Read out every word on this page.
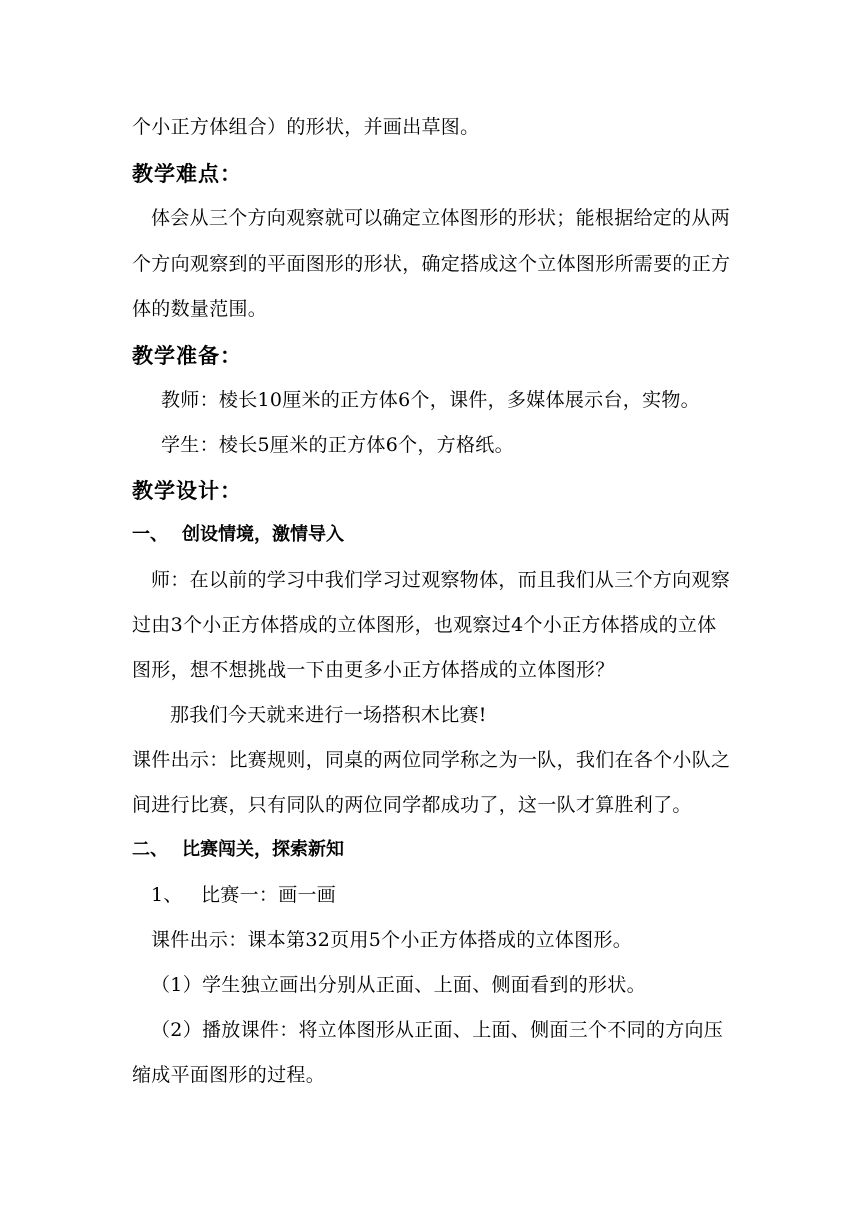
个小正方体组合）的形状，并画出草图。
教学难点：
体会从三个方向观察就可以确定立体图形的形状；能根据给定的从两
个方向观察到的平面图形的形状，确定搭成这个立体图形所需要的正方
体的数量范围。
教学准备：
教师：棱长10厘米的正方体6个，课件，多媒体展示台，实物。
学生：棱长5厘米的正方体6个，方格纸。
教学设计：
一、 创设情境，激情导入
师：在以前的学习中我们学习过观察物体，而且我们从三个方向观察
过由3个小正方体搭成的立体图形，也观察过4个小正方体搭成的立体
图形，想不想挑战一下由更多小正方体搭成的立体图形？
那我们今天就来进行一场搭积木比赛!
课件出示：比赛规则，同桌的两位同学称之为一队，我们在各个小队之
间进行比赛，只有同队的两位同学都成功了，这一队才算胜利了。
二、 比赛闯关，探索新知
1、 比赛一：画一画
课件出示：课本第32页用5个小正方体搭成的立体图形。
（1）学生独立画出分别从正面、上面、侧面看到的形状。
（2）播放课件：将立体图形从正面、上面、侧面三个不同的方向压
缩成平面图形的过程。
